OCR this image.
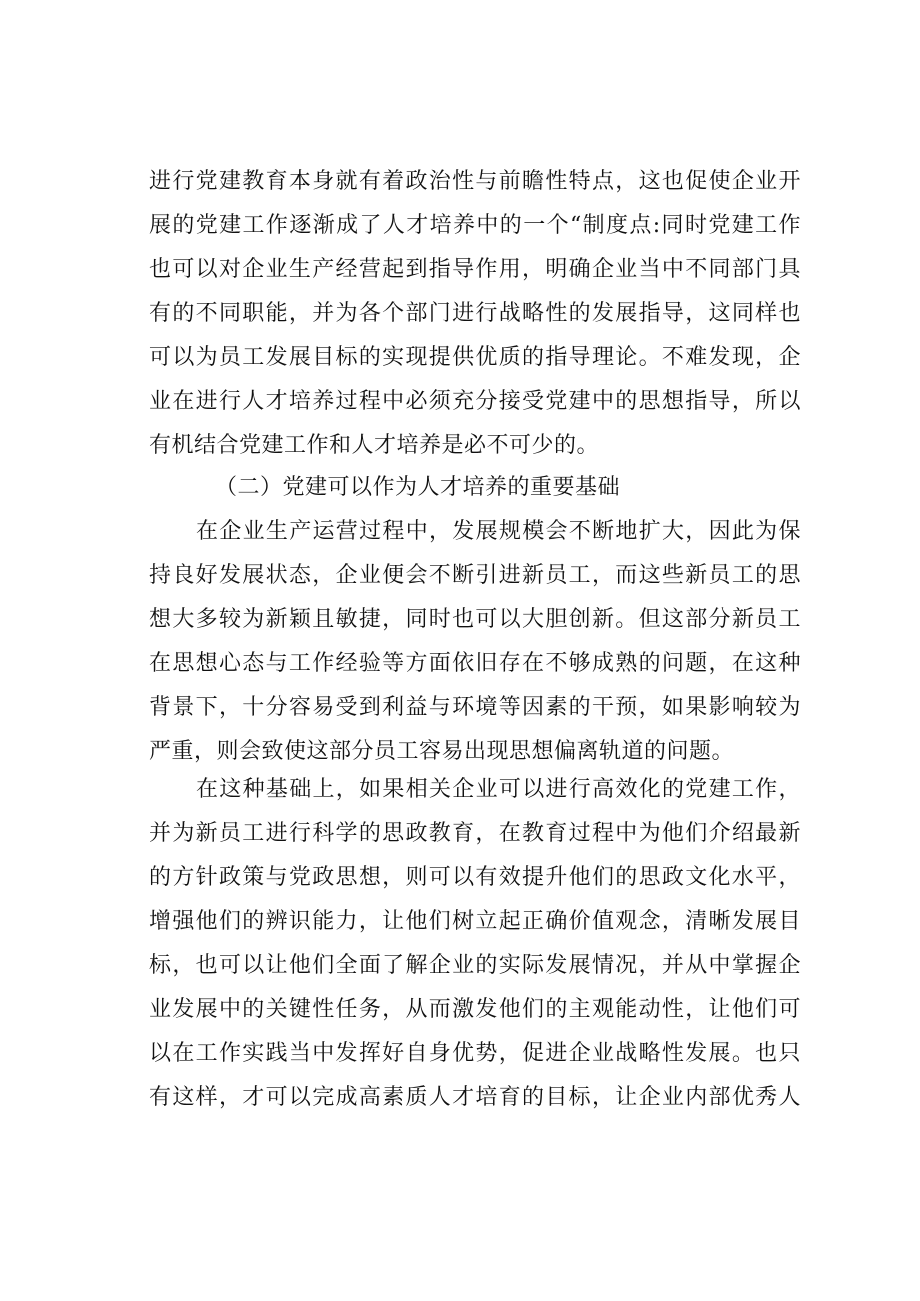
进行党建教育本身就有着政治性与前瞻性特点，这也促使企业开
展的党建工作逐渐成了人才培养中的一个“制度点:同时党建工作
也可以对企业生产经营起到指导作用，明确企业当中不同部门具
有的不同职能，并为各个部门进行战略性的发展指导，这同样也
可以为员工发展目标的实现提供优质的指导理论。不难发现，企
业在进行人才培养过程中必须充分接受党建中的思想指导，所以
有机结合党建工作和人才培养是必不可少的。
（二）党建可以作为人才培养的重要基础
在企业生产运营过程中，发展规模会不断地扩大，因此为保
持良好发展状态，企业便会不断引进新员工，而这些新员工的思
想大多较为新颖且敏捷，同时也可以大胆创新。但这部分新员工
在思想心态与工作经验等方面依旧存在不够成熟的问题，在这种
背景下，十分容易受到利益与环境等因素的干预，如果影响较为
严重，则会致使这部分员工容易出现思想偏离轨道的问题。
在这种基础上，如果相关企业可以进行高效化的党建工作，
并为新员工进行科学的思政教育，在教育过程中为他们介绍最新
的方针政策与党政思想，则可以有效提升他们的思政文化水平，
增强他们的辨识能力，让他们树立起正确价值观念，清晰发展目
标，也可以让他们全面了解企业的实际发展情况，并从中掌握企
业发展中的关键性任务，从而激发他们的主观能动性，让他们可
以在工作实践当中发挥好自身优势，促进企业战略性发展。也只
有这样，才可以完成高素质人才培育的目标，让企业内部优秀人
